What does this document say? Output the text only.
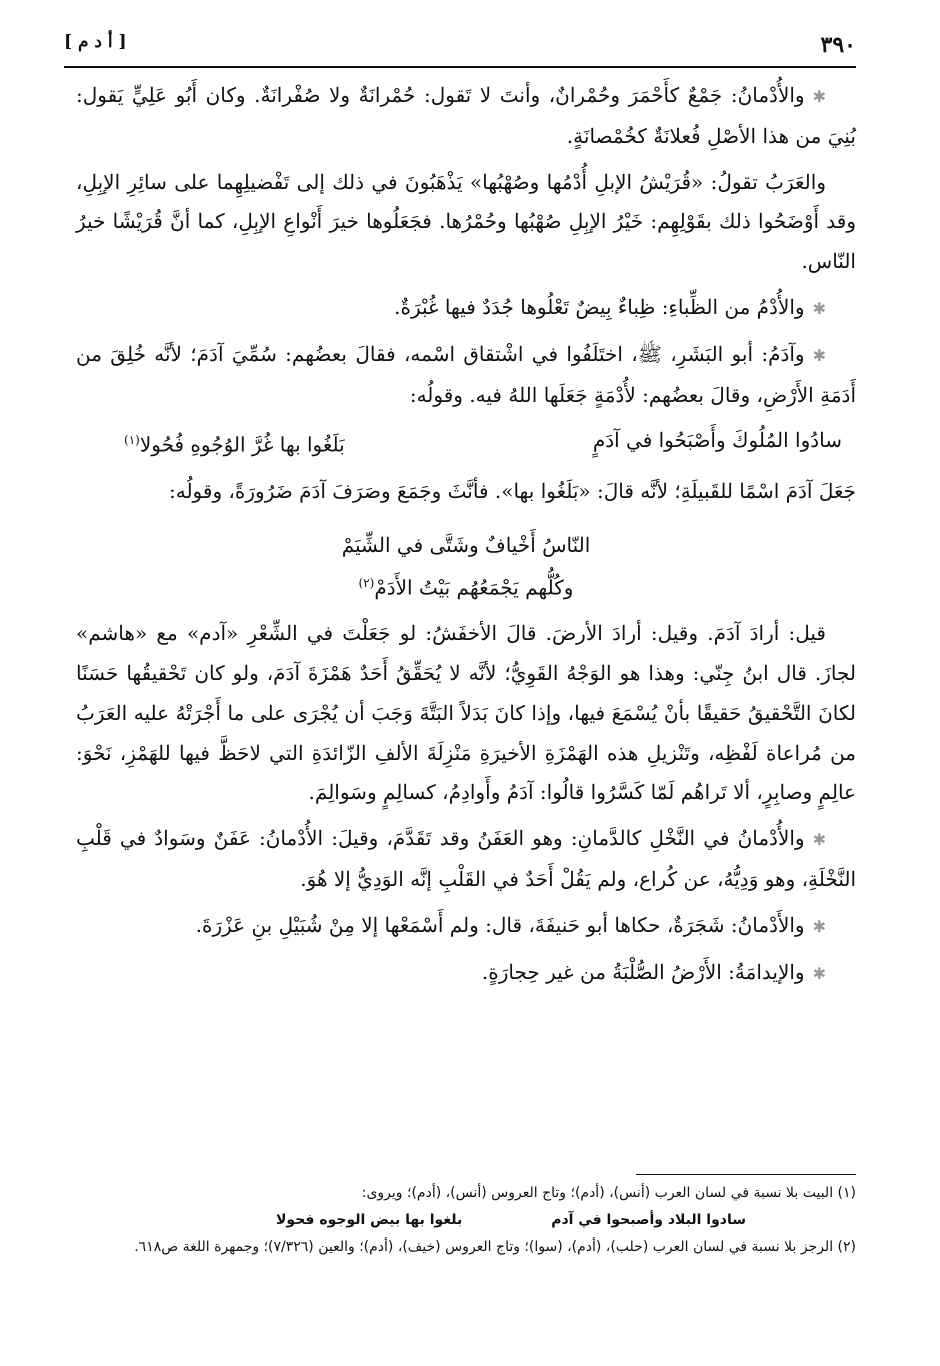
٣٩٠
[ أ د م ]

✱والأُدْمانُ: جَمْعٌ كأَحْمَرَ وحُمْرانٌ، وأنتَ لا تَقول: حُمْرانَةٌ ولا صُفْرانَةٌ. وكان أَبُو عَلِيٍّ يَقول: بُنِيَ من هذا الأصْلِ فُعلانَةٌ كخُمْصانَةٍ.

والعَرَبُ تقولُ: «قُرَيْشُ الإبلِ أُدْمُها وصُهْبُها» يَذْهَبُونَ في ذلك إلى تَفْضيلِهِما على سائِرِ الإبِلِ، وقد أَوْضَحُوا ذلك بقَوْلِهِم: خَيْرُ الإبِلِ صُهْبُها وحُمْرُها. فجَعَلُوها خيرَ أَنْواعِ الإبِلِ، كما أنَّ قُرَيْشًا خيرُ النّاس.

✱والأُدْمُ من الظِّباءِ: ظِباءٌ بِيضٌ تَعْلُوها جُدَدٌ فيها غُبْرَةٌ.

✱وآدَمُ: أبو البَشَرِ، ﷺ، اختَلَفُوا في اشْتقاق اسْمه، فقالَ بعضُهم: سُمِّيَ آدَمَ؛ لأنَّه خُلِقَ من أَدَمَةِ الأَرْضِ، وقالَ بعضُهم: لأُدْمَةٍ جَعَلَها اللهُ فيه. وقولُه:

سادُوا المُلُوكَ وأَصْبَحُوا في آدَمٍ
بَلَغُوا بها غُرَّ الوُجُوهِ فُحُولا$^{(١)}$

جَعَلَ آدَمَ اسْمًا للقَبيلَةِ؛ لأنَّه قالَ: «بَلَغُوا بها». فأنَّثَ وجَمَعَ وصَرَفَ آدَمَ ضَرُورَةً، وقولُه:

النّاسُ أَخْيافٌ وشَتَّى في الشِّيَمْ
وكُلُّهم يَجْمَعُهُم بَيْتُ الأَدَمْ$^{(٢)}$

قيل: أرادَ آدَمَ. وقيل: أرادَ الأرضَ. قالَ الأخفَشُ: لو جَعَلْتَ في الشِّعْرِ «آدم» مع «هاشم» لجازَ. قال ابنُ جِنّي: وهذا هو الوَجْهُ القَوِيُّ؛ لأنَّه لا يُحَقِّقُ أَحَدٌ هَمْزَةَ آدَمَ، ولو كان تَحْقيقُها حَسَنًا لكانَ التَّحْقيقُ حَقيقًا بأنْ يُسْمَعَ فيها، وإذا كانَ بَدَلاً البَتَّةَ وَجَبَ أن يُجْرَى على ما أَجْرَتْهُ عليه العَرَبُ من مُراعاة لَفْظِه، وتَنْزيلِ هذه الهَمْزَةِ الأخيرَةِ مَنْزِلَةَ الألفِ الزّائدَةِ التي لاحَظَّ فيها للهَمْزِ، نَحْوَ: عالِمٍ وصابِرٍ، ألا تَراهُم لَمّا كَسَّرُوا قالُوا: آدَمُ وأَوادِمُ، كسالِمٍ وسَوالِمَ.

✱والأُدْمانُ في النَّخْلِ كالدَّمانِ: وهو العَفَنُ وقد تَقَدَّمَ، وقيلَ: الأُدْمانُ: عَفَنٌ وسَوادٌ في قَلْبِ النَّخْلَةِ، وهو وَدِيُّهُ، عن كُراع، ولم يَقُلْ أَحَدٌ في القَلْبِ إنَّه الوَدِيُّ إلا هُوَ.

✱والأَدْمانُ: شَجَرَةٌ، حكاها أبو حَنيفَةَ، قال: ولم أَسْمَعْها إلا مِنْ شُبَيْلِ بنِ عَزْرَةَ.

✱والإيدامَةُ: الأَرْضُ الصُّلْبَةُ من غير حِجارَةٍ.

(١) البيت بلا نسبة في لسان العرب (أنس)، (أدم)؛ وتاج العروس (أنس)، (أدم)؛ ويروى:

سادوا البلاد وأصبحوا في آدم
بلغوا بها بيض الوجوه فحولا

(٢) الرجز بلا نسبة في لسان العرب (حلب)، (أدم)، (سوا)؛ وتاج العروس (خيف)، (أدم)؛ والعين (٧/٣٢٦)؛ وجمهرة اللغة ص٦١٨.
